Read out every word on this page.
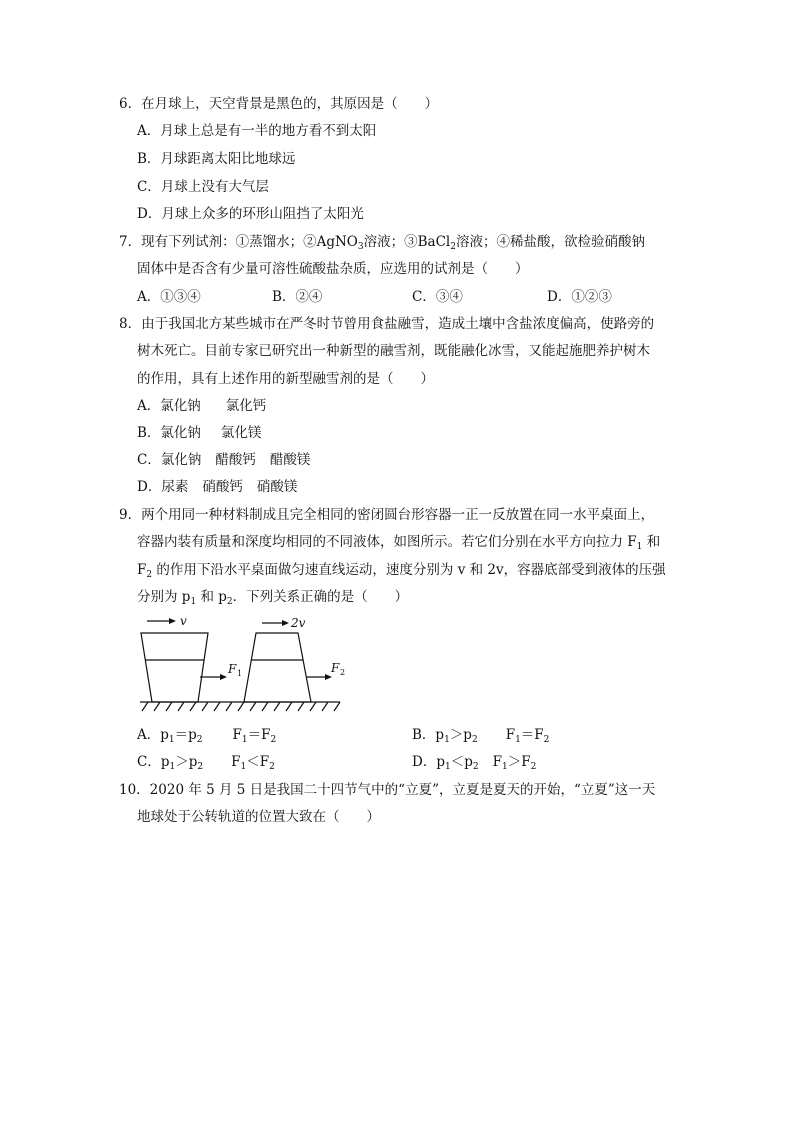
6．在月球上，天空背景是黑色的，其原因是（　　）
A．月球上总是有一半的地方看不到太阳
B．月球距离太阳比地球远
C．月球上没有大气层
D．月球上众多的环形山阻挡了太阳光
7．现有下列试剂：①蒸馏水；②AgNO$_3$溶液；③BaCl$_2$溶液；④稀盐酸，欲检验硝酸钠
固体中是否含有少量可溶性硫酸盐杂质，应选用的试剂是（　　）
A．①③④	B．②④	C．③④	D．①②③
8．由于我国北方某些城市在严冬时节曾用食盐融雪，造成土壤中含盐浓度偏高，使路旁的
树木死亡。目前专家已研究出一种新型的融雪剂，既能融化冰雪，又能起施肥养护树木
的作用，具有上述作用的新型融雪剂的是（　　）
A．氯化钠 氯化钙
B．氯化钠 氯化镁
C．氯化钠 醋酸钙 醋酸镁
D．尿素 硝酸钙 硝酸镁
9．两个用同一种材料制成且完全相同的密闭圆台形容器一正一反放置在同一水平桌面上，
容器内装有质量和深度均相同的不同液体，如图所示。若它们分别在水平方向拉力 $F_1$ 和
$F_2$ 的作用下沿水平桌面做匀速直线运动，速度分别为 v 和 2v，容器底部受到液体的压强
分别为 $p_1$ 和 $p_2$．下列关系正确的是（　　）
v	2v
F 1	F 2
A．$p_1=p_2$ $F_1=F_2$	B．$p_1>p_2$ $F_1=F_2$
C．$p_1>p_2$ $F_1<F_2$	D．$p_1<p_2$ $F_1>F_2$
10．2020 年 5 月 5 日是我国二十四节气中的“立夏”，立夏是夏天的开始，“立夏”这一天
地球处于公转轨道的位置大致在（　　）
